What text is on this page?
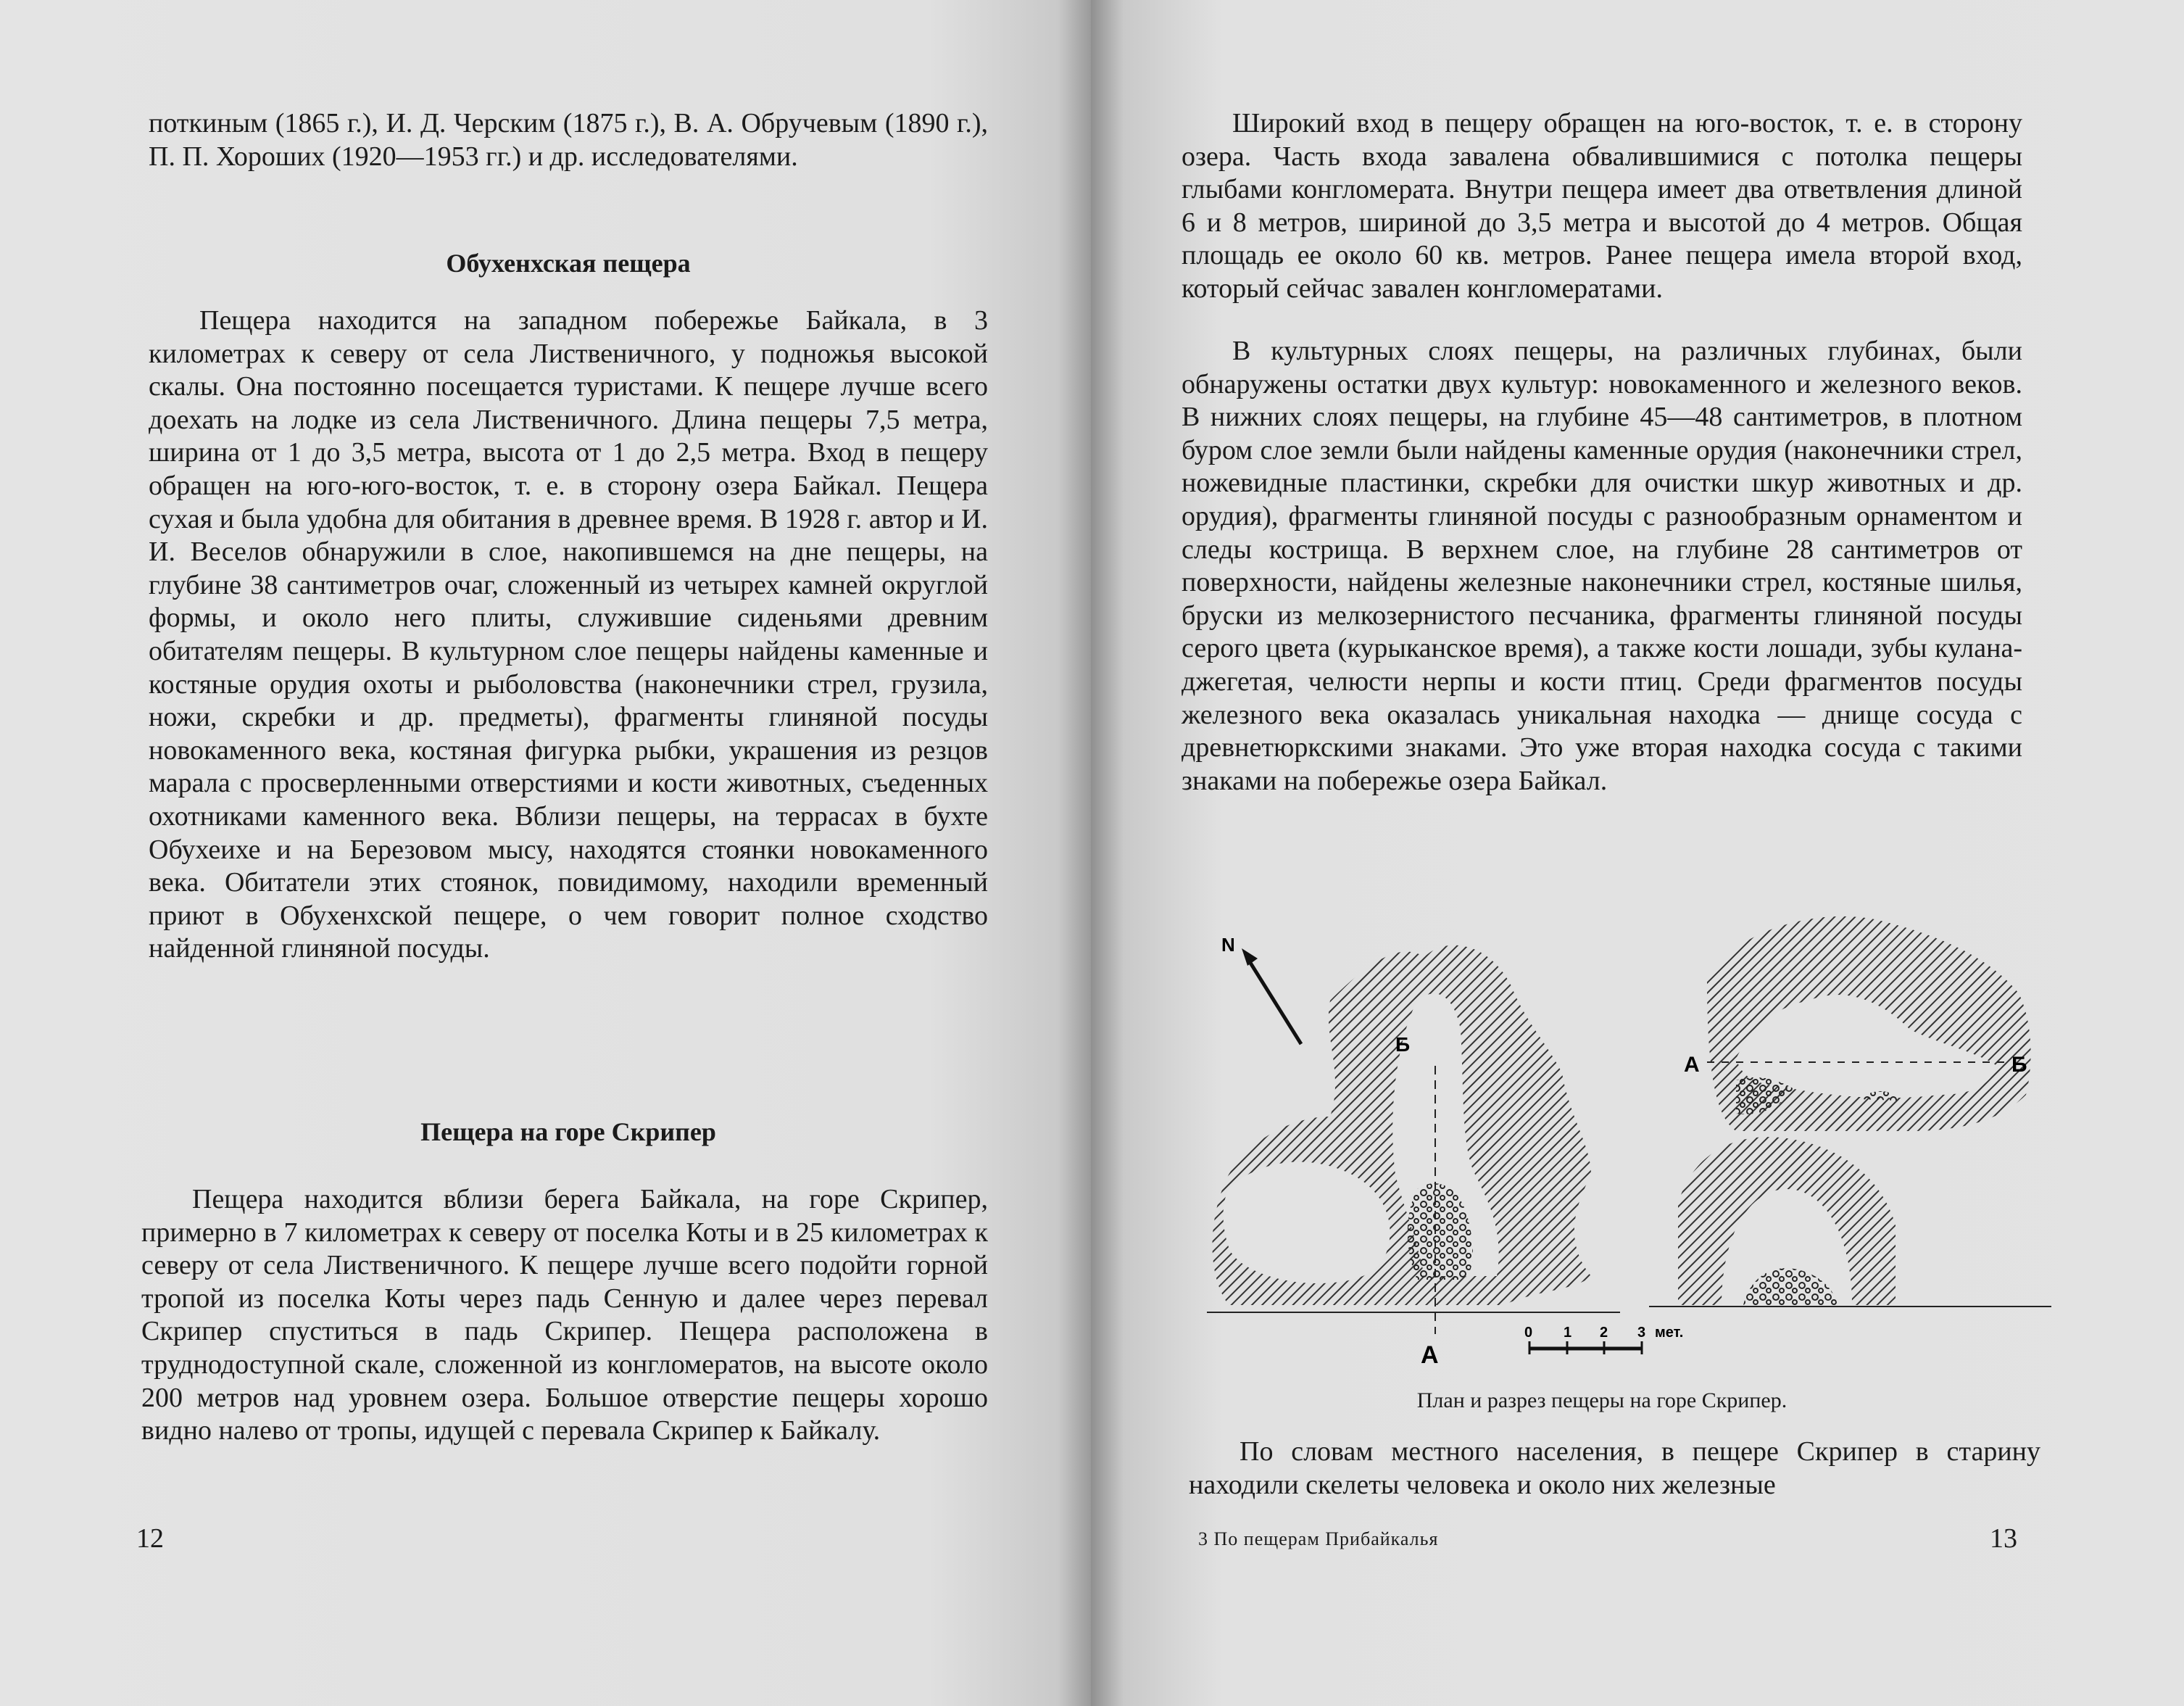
поткиным (1865 г.), И. Д. Черским (1875 г.), В. А. Обручевым (1890 г.), П. П. Хороших (1920—1953 гг.) и др. исследователями.

Обухенхская пещера

Пещера находится на западном побережье Байкала, в 3 километрах к северу от села Лиственичного, у подножья высокой скалы. Она постоянно посещается туристами. К пещере лучше всего доехать на лодке из села Лиственичного. Длина пещеры 7,5 метра, ширина от 1 до 3,5 метра, высота от 1 до 2,5 метра. Вход в пещеру обращен на юго-юго-восток, т. е. в сторону озера Байкал. Пещера сухая и была удобна для обитания в древнее время. В 1928 г. автор и И. И. Веселов обнаружили в слое, накопившемся на дне пещеры, на глубине 38 сантиметров очаг, сложенный из четырех камней округлой формы, и около него плиты, служившие сиденьями древним обитателям пещеры. В культурном слое пещеры найдены каменные и костяные орудия охоты и рыболовства (наконечники стрел, грузила, ножи, скребки и др. предметы), фрагменты глиняной посуды новокаменного века, костяная фигурка рыбки, украшения из резцов марала с просверленными отверстиями и кости животных, съеденных охотниками каменного века. Вблизи пещеры, на террасах в бухте Обухеихе и на Березовом мысу, находятся стоянки новокаменного века. Обитатели этих стоянок, повидимому, находили временный приют в Обухенхской пещере, о чем говорит полное сходство найденной глиняной посуды.

Пещера на горе Скрипер

Пещера находится вблизи берега Байкала, на горе Скрипер, примерно в 7 километрах к северу от поселка Коты и в 25 километрах к северу от села Лиственичного. К пещере лучше всего подойти горной тропой из поселка Коты через падь Сенную и далее через перевал Скрипер спуститься в падь Скрипер. Пещера расположена в труднодоступной скале, сложенной из конгломератов, на высоте около 200 метров над уровнем озера. Большое отверстие пещеры хорошо видно налево от тропы, идущей с перевала Скрипер к Байкалу.

12

Широкий вход в пещеру обращен на юго-восток, т. е. в сторону озера. Часть входа завалена обвалившимися с потолка пещеры глыбами конгломерата. Внутри пещера имеет два ответвления длиной 6 и 8 метров, шириной до 3,5 метра и высотой до 4 метров. Общая площадь ее около 60 кв. метров. Ранее пещера имела второй вход, который сейчас завален конгломератами.

В культурных слоях пещеры, на различных глубинах, были обнаружены остатки двух культур: новокаменного и железного веков. В нижних слоях пещеры, на глубине 45—48 сантиметров, в плотном буром слое земли были найдены каменные орудия (наконечники стрел, ножевидные пластинки, скребки для очистки шкур животных и др. орудия), фрагменты глиняной посуды с разнообразным орнаментом и следы кострища. В верхнем слое, на глубине 28 сантиметров от поверхности, найдены железные наконечники стрел, костяные шилья, бруски из мелкозернистого песчаника, фрагменты глиняной посуды серого цвета (курыканское время), а также кости лошади, зубы кулана-джегетая, челюсти нерпы и кости птиц. Среди фрагментов посуды железного века оказалась уникальная находка — днище сосуда с древнетюркскими знаками. Это уже вторая находка сосуда с такими знаками на побережье озера Байкал.

N
Б
А
А	Б
0 1 2 3 мет.
План и разрез пещеры на горе Скрипер.

По словам местного населения, в пещере Скрипер в старину находили скелеты человека и около них железные

3 По пещерам Прибайкалья	13
